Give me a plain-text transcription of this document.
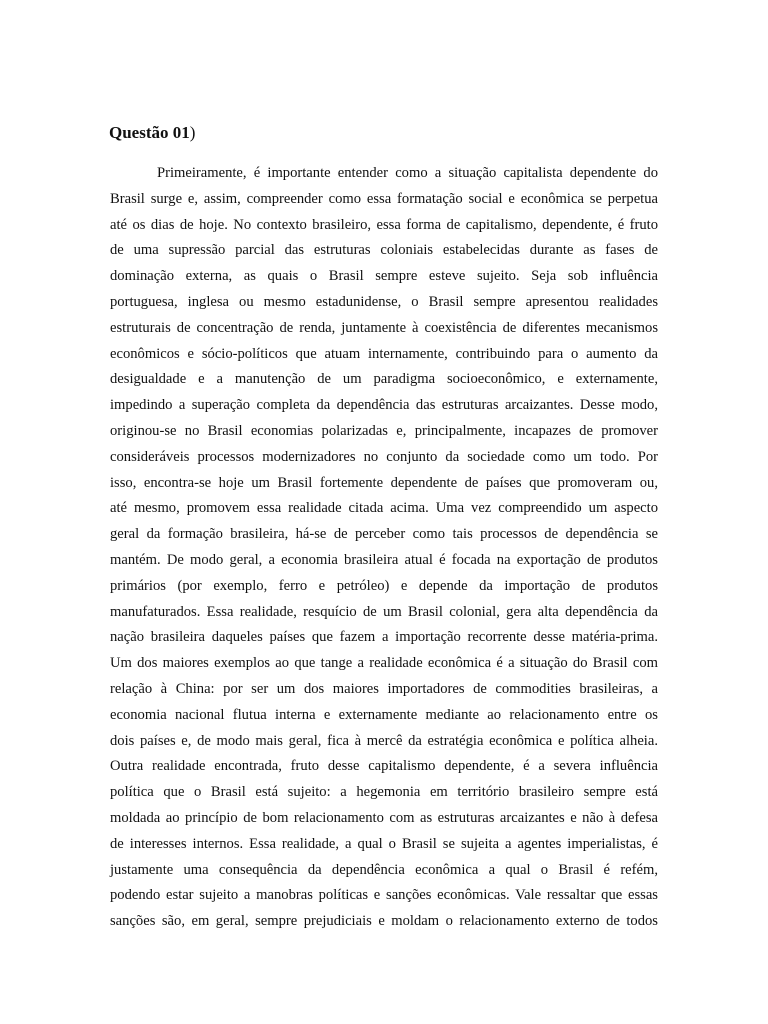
Questão 01)
Primeiramente, é importante entender como a situação capitalista dependente do
Brasil surge e, assim, compreender como essa formatação social e econômica se perpetua
até os dias de hoje. No contexto brasileiro, essa forma de capitalismo, dependente, é fruto
de uma supressão parcial das estruturas coloniais estabelecidas durante as fases de
dominação externa, as quais o Brasil sempre esteve sujeito. Seja sob influência
portuguesa, inglesa ou mesmo estadunidense, o Brasil sempre apresentou realidades
estruturais de concentração de renda, juntamente à coexistência de diferentes mecanismos
econômicos e sócio-políticos que atuam internamente, contribuindo para o aumento da
desigualdade e a manutenção de um paradigma socioeconômico, e externamente,
impedindo a superação completa da dependência das estruturas arcaizantes. Desse modo,
originou-se no Brasil economias polarizadas e, principalmente, incapazes de promover
consideráveis processos modernizadores no conjunto da sociedade como um todo. Por
isso, encontra-se hoje um Brasil fortemente dependente de países que promoveram ou,
até mesmo, promovem essa realidade citada acima. Uma vez compreendido um aspecto
geral da formação brasileira, há-se de perceber como tais processos de dependência se
mantém. De modo geral, a economia brasileira atual é focada na exportação de produtos
primários (por exemplo, ferro e petróleo) e depende da importação de produtos
manufaturados. Essa realidade, resquício de um Brasil colonial, gera alta dependência da
nação brasileira daqueles países que fazem a importação recorrente desse matéria-prima.
Um dos maiores exemplos ao que tange a realidade econômica é a situação do Brasil com
relação à China: por ser um dos maiores importadores de commodities brasileiras, a
economia nacional flutua interna e externamente mediante ao relacionamento entre os
dois países e, de modo mais geral, fica à mercê da estratégia econômica e política alheia.
Outra realidade encontrada, fruto desse capitalismo dependente, é a severa influência
política que o Brasil está sujeito: a hegemonia em território brasileiro sempre está
moldada ao princípio de bom relacionamento com as estruturas arcaizantes e não à defesa
de interesses internos. Essa realidade, a qual o Brasil se sujeita a agentes imperialistas, é
justamente uma consequência da dependência econômica a qual o Brasil é refém,
podendo estar sujeito a manobras políticas e sanções econômicas. Vale ressaltar que essas
sanções são, em geral, sempre prejudiciais e moldam o relacionamento externo de todos
